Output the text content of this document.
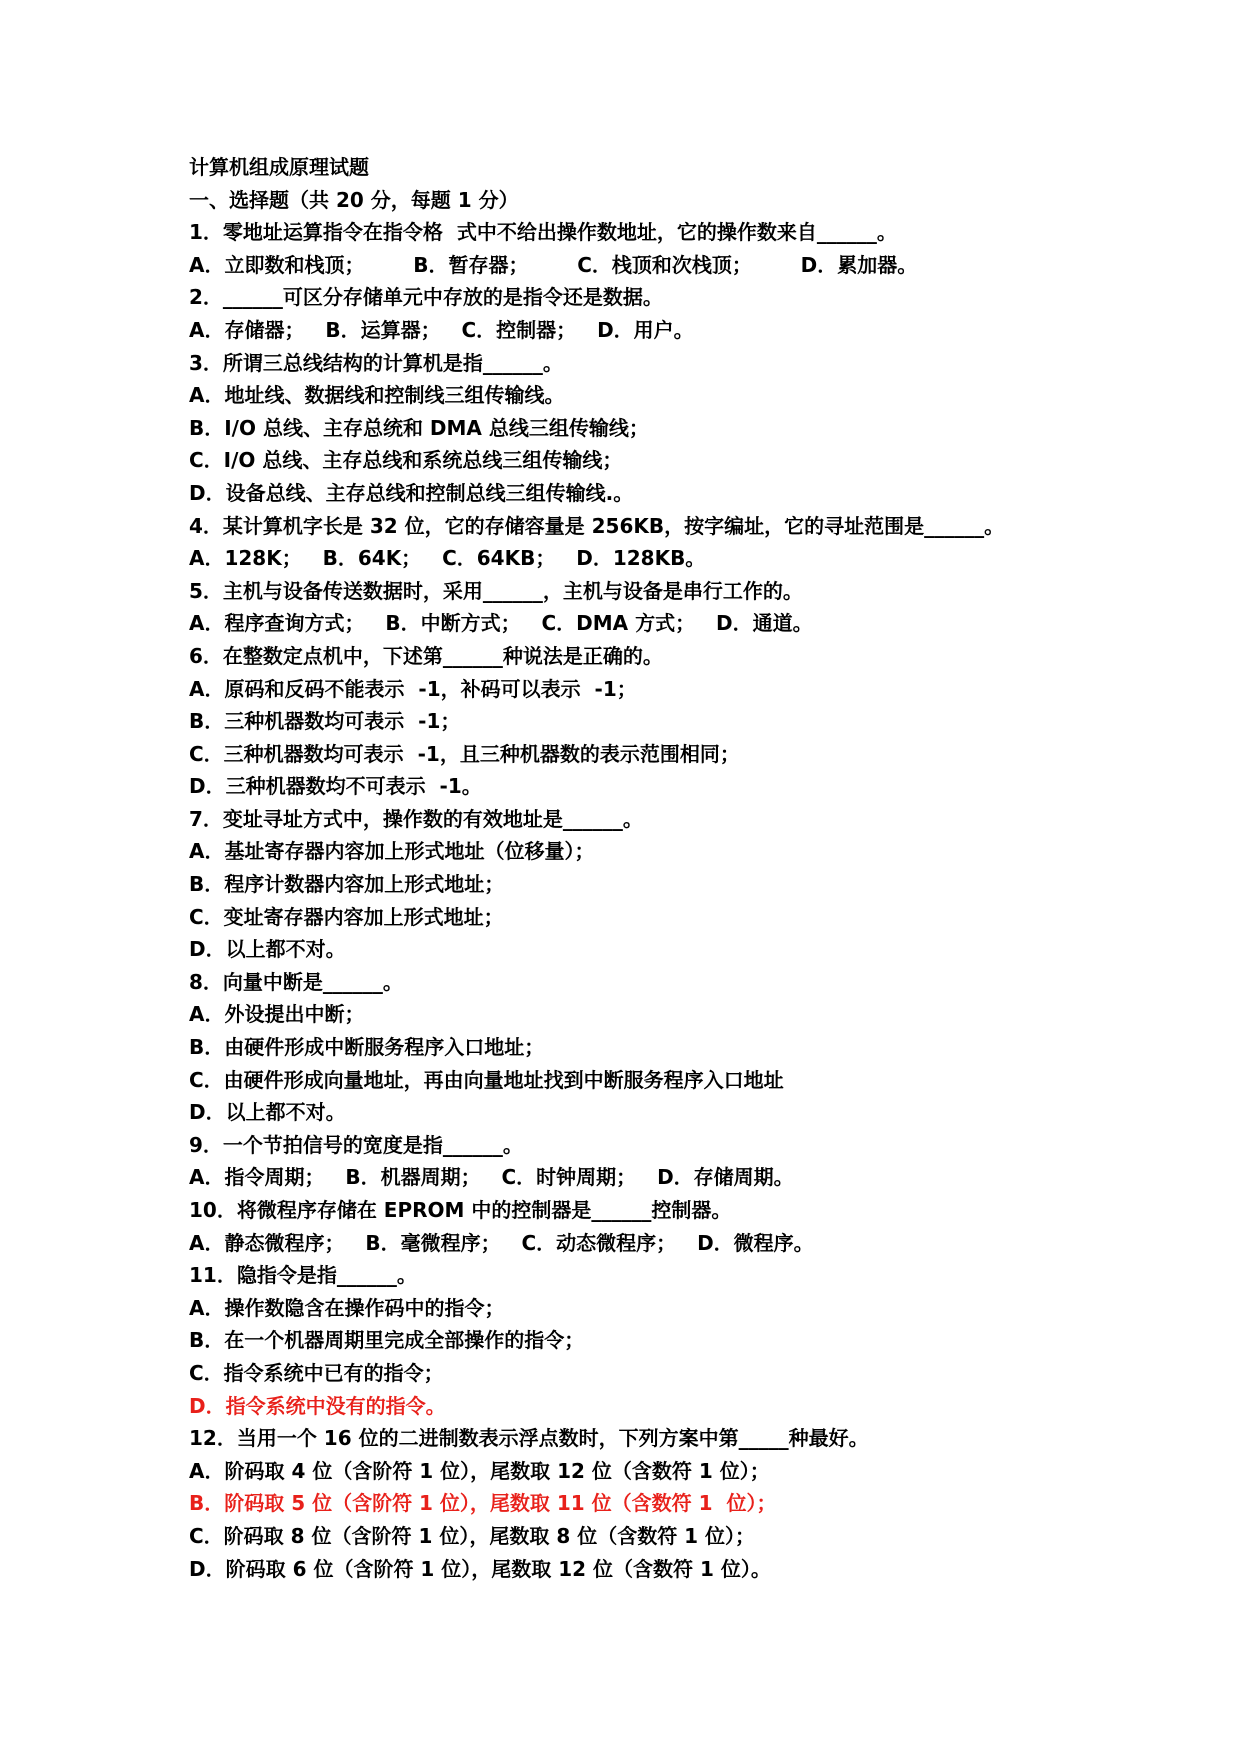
计算机组成原理试题
一、选择题（共 20 分，每题 1 分）
1．零地址运算指令在指令格  式中不给出操作数地址，它的操作数来自______。
A．立即数和栈顶；       B．暂存器；       C．栈顶和次栈顶；       D．累加器。
2．______可区分存储单元中存放的是指令还是数据。
A．存储器；   B．运算器；   C．控制器；   D．用户。
3．所谓三总线结构的计算机是指______。
A．地址线、数据线和控制线三组传输线。
B．I/O 总线、主存总统和 DMA 总线三组传输线；
C．I/O 总线、主存总线和系统总线三组传输线；
D．设备总线、主存总线和控制总线三组传输线.。
4．某计算机字长是 32 位，它的存储容量是 256KB，按字编址，它的寻址范围是______。
A．128K；   B．64K；   C．64KB；   D．128KB。
5．主机与设备传送数据时，采用______，主机与设备是串行工作的。
A．程序查询方式；   B．中断方式；   C．DMA 方式；   D．通道。
6．在整数定点机中，下述第______种说法是正确的。
A．原码和反码不能表示  -1，补码可以表示  -1；
B．三种机器数均可表示  -1；
C．三种机器数均可表示  -1，且三种机器数的表示范围相同；
D．三种机器数均不可表示  -1。
7．变址寻址方式中，操作数的有效地址是______。
A．基址寄存器内容加上形式地址（位移量）；
B．程序计数器内容加上形式地址；
C．变址寄存器内容加上形式地址；
D．以上都不对。
8．向量中断是______。
A．外设提出中断；
B．由硬件形成中断服务程序入口地址；
C．由硬件形成向量地址，再由向量地址找到中断服务程序入口地址
D．以上都不对。
9．一个节拍信号的宽度是指______。
A．指令周期；   B．机器周期；   C．时钟周期；   D．存储周期。
10．将微程序存储在 EPROM 中的控制器是______控制器。
A．静态微程序；   B．毫微程序；   C．动态微程序；   D．微程序。
11．隐指令是指______。
A．操作数隐含在操作码中的指令；
B．在一个机器周期里完成全部操作的指令；
C．指令系统中已有的指令；
D．指令系统中没有的指令。
12．当用一个 16 位的二进制数表示浮点数时，下列方案中第_____种最好。
A．阶码取 4 位（含阶符 1 位），尾数取 12 位（含数符 1 位）；
B．阶码取 5 位（含阶符 1 位），尾数取 11 位（含数符 1  位）；
C．阶码取 8 位（含阶符 1 位），尾数取 8 位（含数符 1 位）；
D．阶码取 6 位（含阶符 1 位），尾数取 12 位（含数符 1 位）。
